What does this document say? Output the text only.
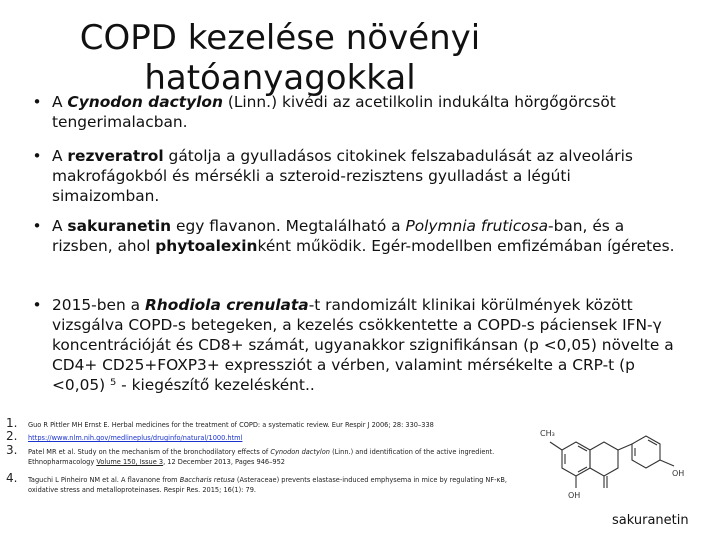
COPD kezelése növényi
hatóanyagokkal
• A Cynodon dactylon (Linn.) kivédi az acetilkolin indukálta hörgőgörcsöt tengerimalacban.
• A rezveratrol gátolja a gyulladásos citokinek felszabadulását az alveoláris makrofágokból és mérsékli a szteroid-rezisztens gyulladást a légúti simaizomban.
• A sakuranetin egy flavanon. Megtalálható a Polymnia fruticosa-ban, és a rizsben, ahol phytoalexinként működik. Egér-modellben emfizémában ígéretes.
• 2015-ben a Rhodiola crenulata-t randomizált klinikai körülmények között vizsgálva COPD-s betegeken, a kezelés csökkentette a COPD-s páciensek IFN-γ koncentrációját és CD8+ számát, ugyanakkor szignifikánsan (p <0,05) növelte a CD4+ CD25+FOXP3+ expressziót a vérben, valamint mérsékelte a CRP-t (p <0,05) ⁵ - kiegészítő kezelésként..
1.	Guo R Pittler MH Ernst E. Herbal medicines for the treatment of COPD: a systematic review. Eur Respir J 2006; 28: 330–338
2.	https://www.nlm.nih.gov/medlineplus/druginfo/natural/1000.html
3.	Patel MR et al. Study on the mechanism of the bronchodilatory effects of Cynodon dactylon (Linn.) and identification of the active ingredient. Ethnopharmacology Volume 150, Issue 3, 12 December 2013, Pages 946–952
4.	Taguchi L Pinheiro NM et al. A flavanone from Baccharis retusa (Asteraceae) prevents elastase-induced emphysema in mice by regulating NF-κB, oxidative stress and metalloproteinases. Respir Res. 2015; 16(1): 79.
CH₃
OH
OH
sakuranetin
